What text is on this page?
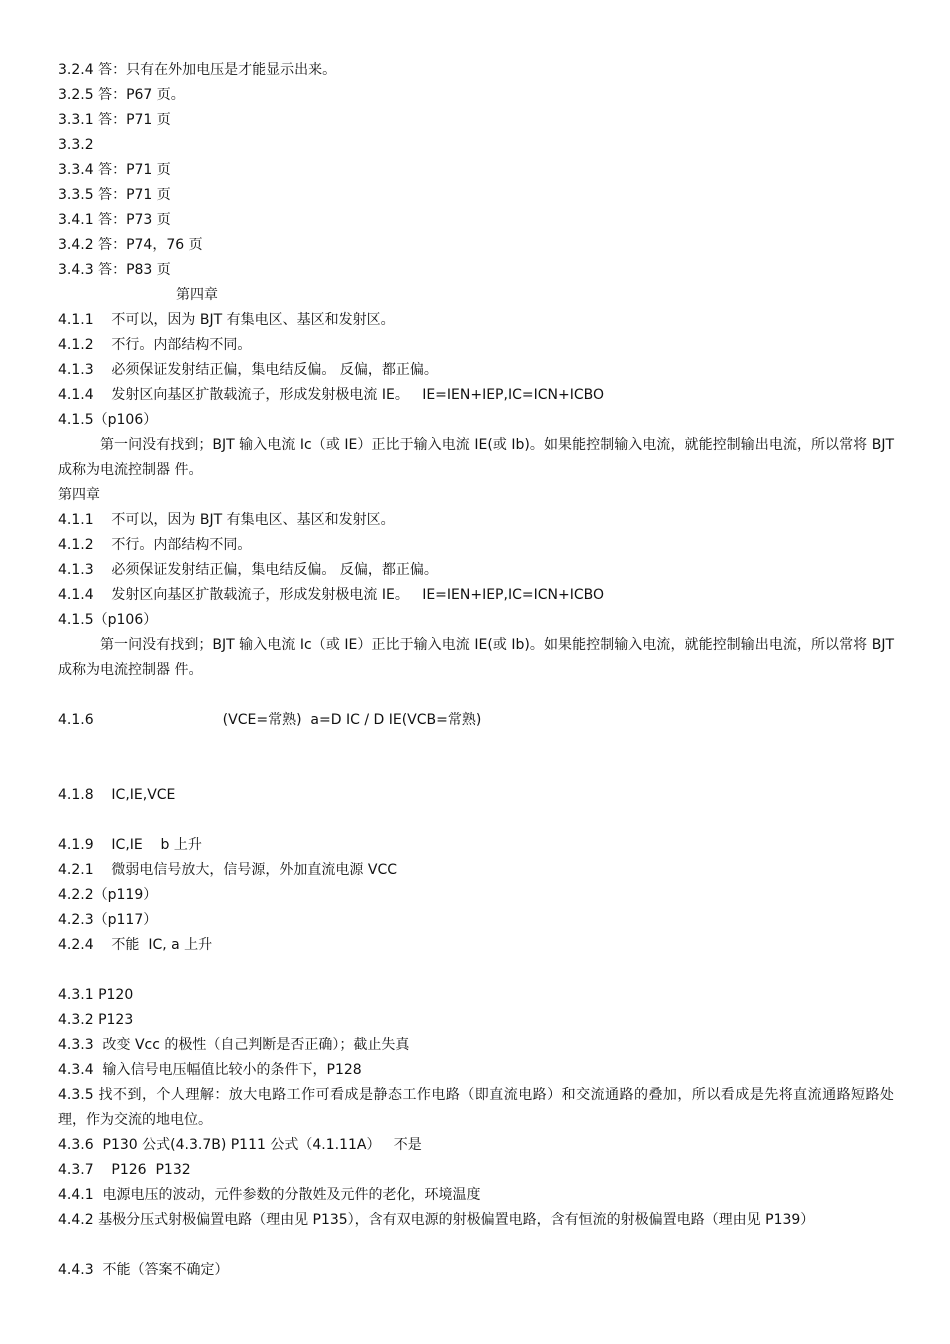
3.2.4 答：只有在外加电压是才能显示出来。
3.2.5 答：P67 页。
3.3.1 答：P71 页
3.3.2
3.3.4 答：P71 页
3.3.5 答：P71 页
3.4.1 答：P73 页
3.4.2 答：P74，76 页
3.4.3 答：P83 页
第四章
4.1.1    不可以，因为 BJT 有集电区、基区和发射区。
4.1.2    不行。内部结构不同。
4.1.3    必须保证发射结正偏，集电结反偏。 反偏，都正偏。
4.1.4    发射区向基区扩散载流子，形成发射极电流 IE。   IE=IEN+IEP,IC=ICN+ICBO
4.1.5（p106）
第一问没有找到；BJT 输入电流 Ic（或 IE）正比于输入电流 IE(或 Ib)。如果能控制输入电流，就能控制输出电流，所以常将 BJT 成称为电流控制器 件。
第四章
4.1.1    不可以，因为 BJT 有集电区、基区和发射区。
4.1.2    不行。内部结构不同。
4.1.3    必须保证发射结正偏，集电结反偏。 反偏，都正偏。
4.1.4    发射区向基区扩散载流子，形成发射极电流 IE。   IE=IEN+IEP,IC=ICN+ICBO
4.1.5（p106）
第一问没有找到；BJT 输入电流 Ic（或 IE）正比于输入电流 IE(或 Ib)。如果能控制输入电流，就能控制输出电流，所以常将 BJT 成称为电流控制器 件。
4.1.6                             (VCE=常熟)  a=D IC / D IE(VCB=常熟)
4.1.8    IC,IE,VCE
4.1.9    IC,IE    b 上升
4.2.1    微弱电信号放大，信号源，外加直流电源 VCC
4.2.2（p119）
4.2.3（p117）
4.2.4    不能  IC, a 上升
4.3.1 P120
4.3.2 P123
4.3.3  改变 Vcc 的极性（自己判断是否正确）；截止失真
4.3.4  输入信号电压幅值比较小的条件下，P128
4.3.5 找不到，个人理解：放大电路工作可看成是静态工作电路（即直流电路）和交流通路的叠加，所以看成是先将直流通路短路处理，作为交流的地电位。
4.3.6  P130 公式(4.3.7B) P111 公式（4.1.11A）   不是
4.3.7    P126  P132
4.4.1  电源电压的波动，元件参数的分散姓及元件的老化，环境温度
4.4.2 基极分压式射极偏置电路（理由见 P135），含有双电源的射极偏置电路，含有恒流的射极偏置电路（理由见 P139）
4.4.3  不能（答案不确定）
